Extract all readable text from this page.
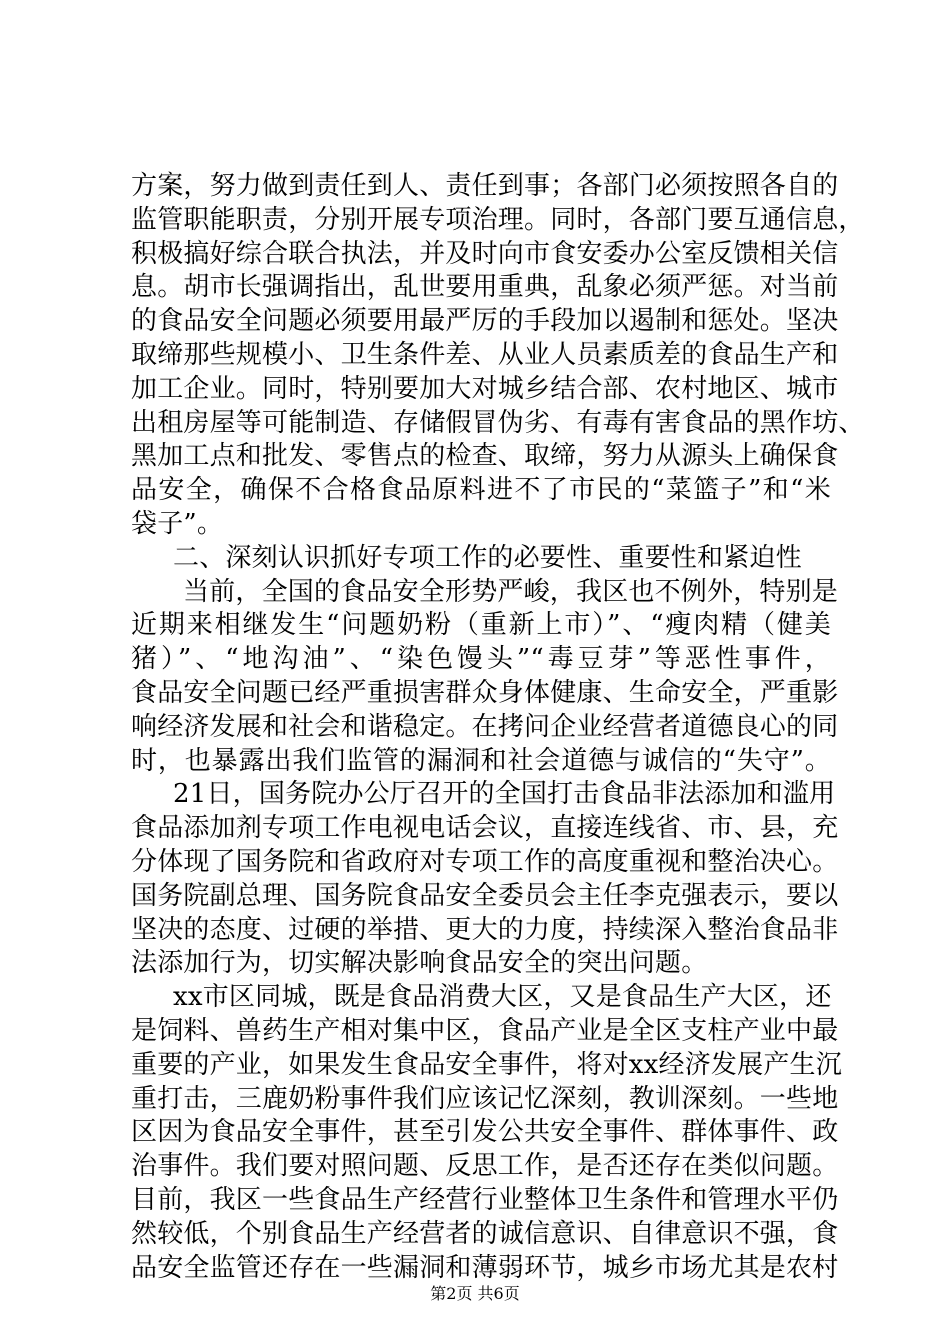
方案，努力做到责任到人、责任到事；各部门必须按照各自的
监管职能职责，分别开展专项治理。同时，各部门要互通信息，
积极搞好综合联合执法，并及时向市食安委办公室反馈相关信
息。胡市长强调指出，乱世要用重典，乱象必须严惩。对当前
的食品安全问题必须要用最严厉的手段加以遏制和惩处。坚决
取缔那些规模小、卫生条件差、从业人员素质差的食品生产和
加工企业。同时，特别要加大对城乡结合部、农村地区、城市
出租房屋等可能制造、存储假冒伪劣、有毒有害食品的黑作坊、
黑加工点和批发、零售点的检查、取缔，努力从源头上确保食
品安全，确保不合格食品原料进不了市民的“菜篮子”和“米
袋子”。
二、深刻认识抓好专项工作的必要性、重要性和紧迫性
当前，全国的食品安全形势严峻，我区也不例外，特别是
近期来相继发生“问题奶粉（重新上市）”、“瘦肉精（健美
猪）”、“地沟油”、“染色馒头”“毒豆芽”等恶性事件，
食品安全问题已经严重损害群众身体健康、生命安全，严重影
响经济发展和社会和谐稳定。在拷问企业经营者道德良心的同
时，也暴露出我们监管的漏洞和社会道德与诚信的“失守”。
21日，国务院办公厅召开的全国打击食品非法添加和滥用
食品添加剂专项工作电视电话会议，直接连线省、市、县，充
分体现了国务院和省政府对专项工作的高度重视和整治决心。
国务院副总理、国务院食品安全委员会主任李克强表示，要以
坚决的态度、过硬的举措、更大的力度，持续深入整治食品非
法添加行为，切实解决影响食品安全的突出问题。
xx市区同城，既是食品消费大区，又是食品生产大区，还
是饲料、兽药生产相对集中区，食品产业是全区支柱产业中最
重要的产业，如果发生食品安全事件，将对xx经济发展产生沉
重打击，三鹿奶粉事件我们应该记忆深刻，教训深刻。一些地
区因为食品安全事件，甚至引发公共安全事件、群体事件、政
治事件。我们要对照问题、反思工作，是否还存在类似问题。
目前，我区一些食品生产经营行业整体卫生条件和管理水平仍
然较低，个别食品生产经营者的诚信意识、自律意识不强，食
品安全监管还存在一些漏洞和薄弱环节，城乡市场尤其是农村
第2页 共6页
